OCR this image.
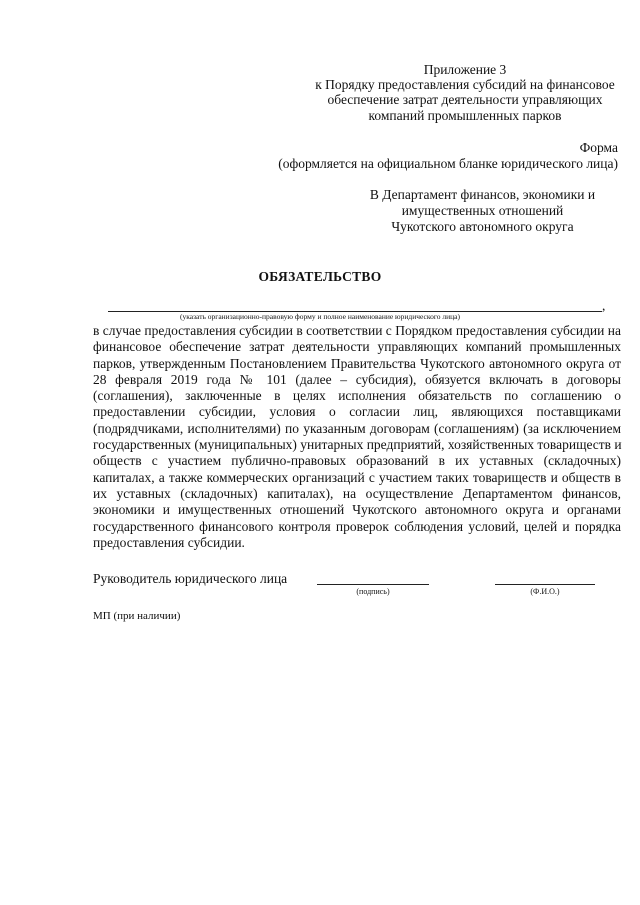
Приложение 3
к Порядку предоставления субсидий на финансовое
обеспечение затрат деятельности управляющих
компаний промышленных парков
Форма
(оформляется на официальном бланке юридического лица)
В Департамент финансов, экономики и
имущественных отношений
Чукотского автономного округа
ОБЯЗАТЕЛЬСТВО
,
(указать организационно-правовую форму и полное наименование юридического лица)
в случае предоставления субсидии в соответствии с Порядком предоставления субсидии на
финансовое обеспечение затрат деятельности управляющих компаний промышленных
парков, утвержденным Постановлением Правительства Чукотского автономного округа от
28 февраля 2019 года № 101 (далее – субсидия), обязуется включать в договоры
(соглашения), заключенные в целях исполнения обязательств по соглашению о
предоставлении субсидии, условия о согласии лиц, являющихся поставщиками
(подрядчиками, исполнителями) по указанным договорам (соглашениям) (за исключением
государственных (муниципальных) унитарных предприятий, хозяйственных товариществ и
обществ с участием публично-правовых образований в их уставных (складочных)
капиталах, а также коммерческих организаций с участием таких товариществ и обществ в
их уставных (складочных) капиталах), на осуществление Департаментом финансов,
экономики и имущественных отношений Чукотского автономного округа и органами
государственного финансового контроля проверок соблюдения условий, целей и порядка
предоставления субсидии.
Руководитель юридического лица
(подпись)	(Ф.И.О.)
МП (при наличии)
